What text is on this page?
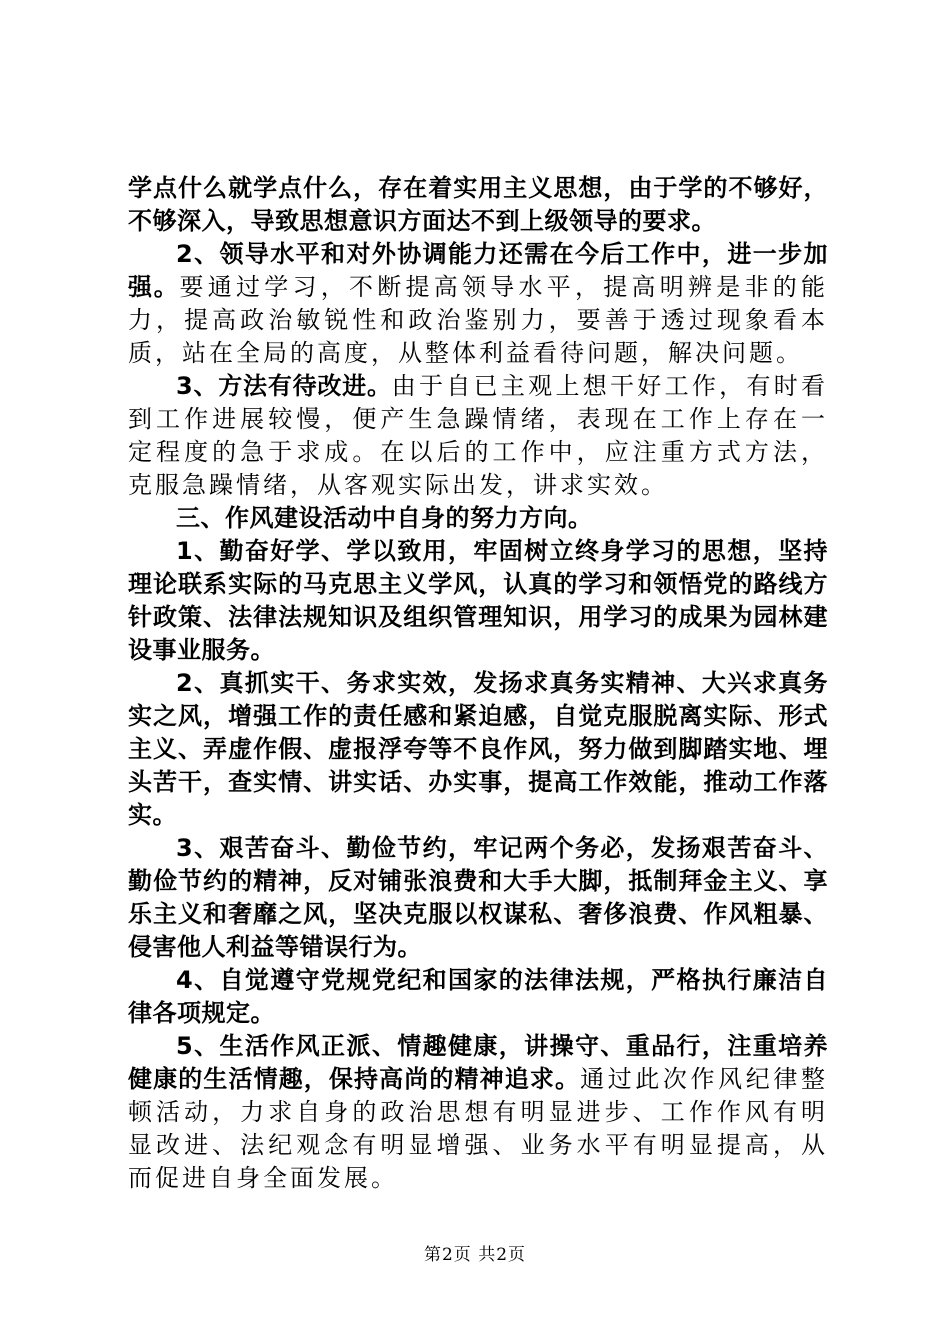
学点什么就学点什么，存在着实用主义思想，由于学的不够好，不够深入，导致思想意识方面达不到上级领导的要求。

2、领导水平和对外协调能力还需在今后工作中，进一步加强。要通过学习，不断提高领导水平，提高明辨是非的能力，提高政治敏锐性和政治鉴别力，要善于透过现象看本质，站在全局的高度，从整体利益看待问题，解决问题。

3、方法有待改进。由于自已主观上想干好工作，有时看到工作进展较慢，便产生急躁情绪，表现在工作上存在一定程度的急于求成。在以后的工作中，应注重方式方法，克服急躁情绪，从客观实际出发，讲求实效。

三、作风建设活动中自身的努力方向。

1、勤奋好学、学以致用，牢固树立终身学习的思想，坚持理论联系实际的马克思主义学风，认真的学习和领悟党的路线方针政策、法律法规知识及组织管理知识，用学习的成果为园林建设事业服务。

2、真抓实干、务求实效，发扬求真务实精神、大兴求真务实之风，增强工作的责任感和紧迫感，自觉克服脱离实际、形式主义、弄虚作假、虚报浮夸等不良作风，努力做到脚踏实地、埋头苦干，查实情、讲实话、办实事，提高工作效能，推动工作落实。

3、艰苦奋斗、勤俭节约，牢记两个务必，发扬艰苦奋斗、勤俭节约的精神，反对铺张浪费和大手大脚，抵制拜金主义、享乐主义和奢靡之风，坚决克服以权谋私、奢侈浪费、作风粗暴、侵害他人利益等错误行为。

4、自觉遵守党规党纪和国家的法律法规，严格执行廉洁自律各项规定。

5、生活作风正派、情趣健康，讲操守、重品行，注重培养健康的生活情趣，保持高尚的精神追求。通过此次作风纪律整顿活动，力求自身的政治思想有明显进步、工作作风有明显改进、法纪观念有明显增强、业务水平有明显提高，从而促进自身全面发展。

第2页 共2页
